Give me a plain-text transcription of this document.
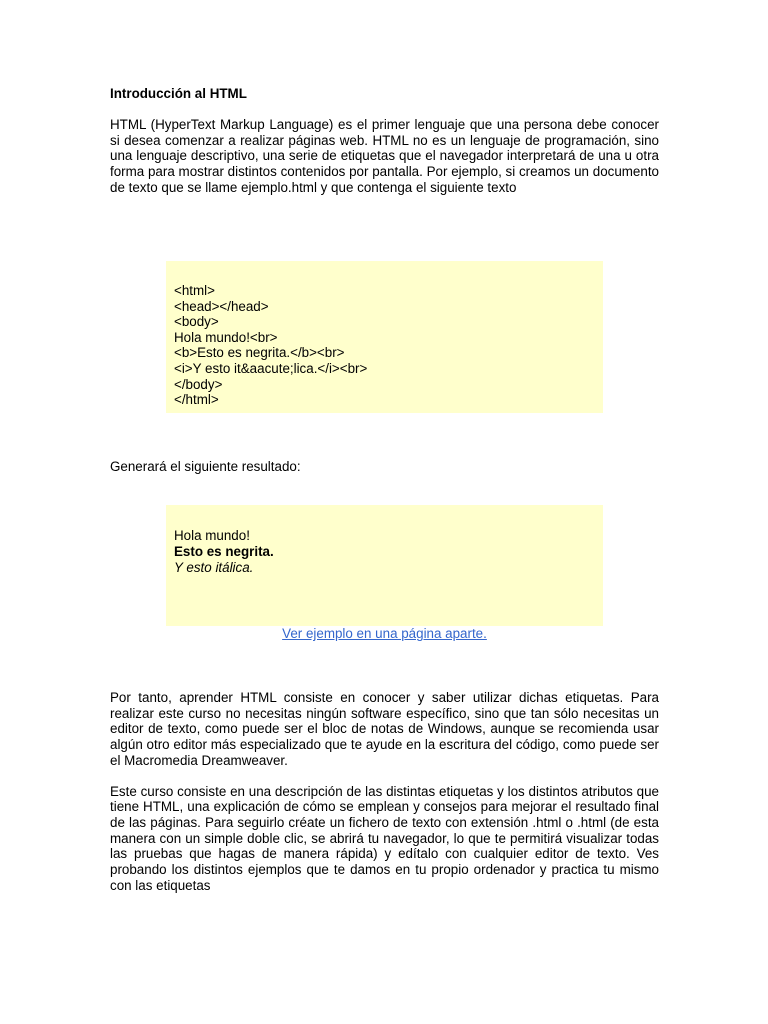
Introducción al HTML

HTML (HyperText Markup Language) es el primer lenguaje que una persona debe conocer si desea comenzar a realizar páginas web. HTML no es un lenguaje de programación, sino una lenguaje descriptivo, una serie de etiquetas que el navegador interpretará de una u otra forma para mostrar distintos contenidos por pantalla. Por ejemplo, si creamos un documento de texto que se llame ejemplo.html y que contenga el siguiente texto

<html>
<head></head>
<body>
Hola mundo!<br>
<b>Esto es negrita.</b><br>
<i>Y esto it&aacute;lica.</i><br>
</body>
</html>
Generará el siguiente resultado:
Hola mundo!
Esto es negrita.
Y esto itálica.
Ver ejemplo en una página aparte.

Por tanto, aprender HTML consiste en conocer y saber utilizar dichas etiquetas. Para realizar este curso no necesitas ningún software específico, sino que tan sólo necesitas un editor de texto, como puede ser el bloc de notas de Windows, aunque se recomienda usar algún otro editor más especializado que te ayude en la escritura del código, como puede ser el Macromedia Dreamweaver.

Este curso consiste en una descripción de las distintas etiquetas y los distintos atributos que tiene HTML, una explicación de cómo se emplean y consejos para mejorar el resultado final de las páginas. Para seguirlo créate un fichero de texto con extensión .html o .html (de esta manera con un simple doble clic, se abrirá tu navegador, lo que te permitirá visualizar todas las pruebas que hagas de manera rápida) y edítalo con cualquier editor de texto. Ves probando los distintos ejemplos que te damos en tu propio ordenador y practica tu mismo con las etiquetas
